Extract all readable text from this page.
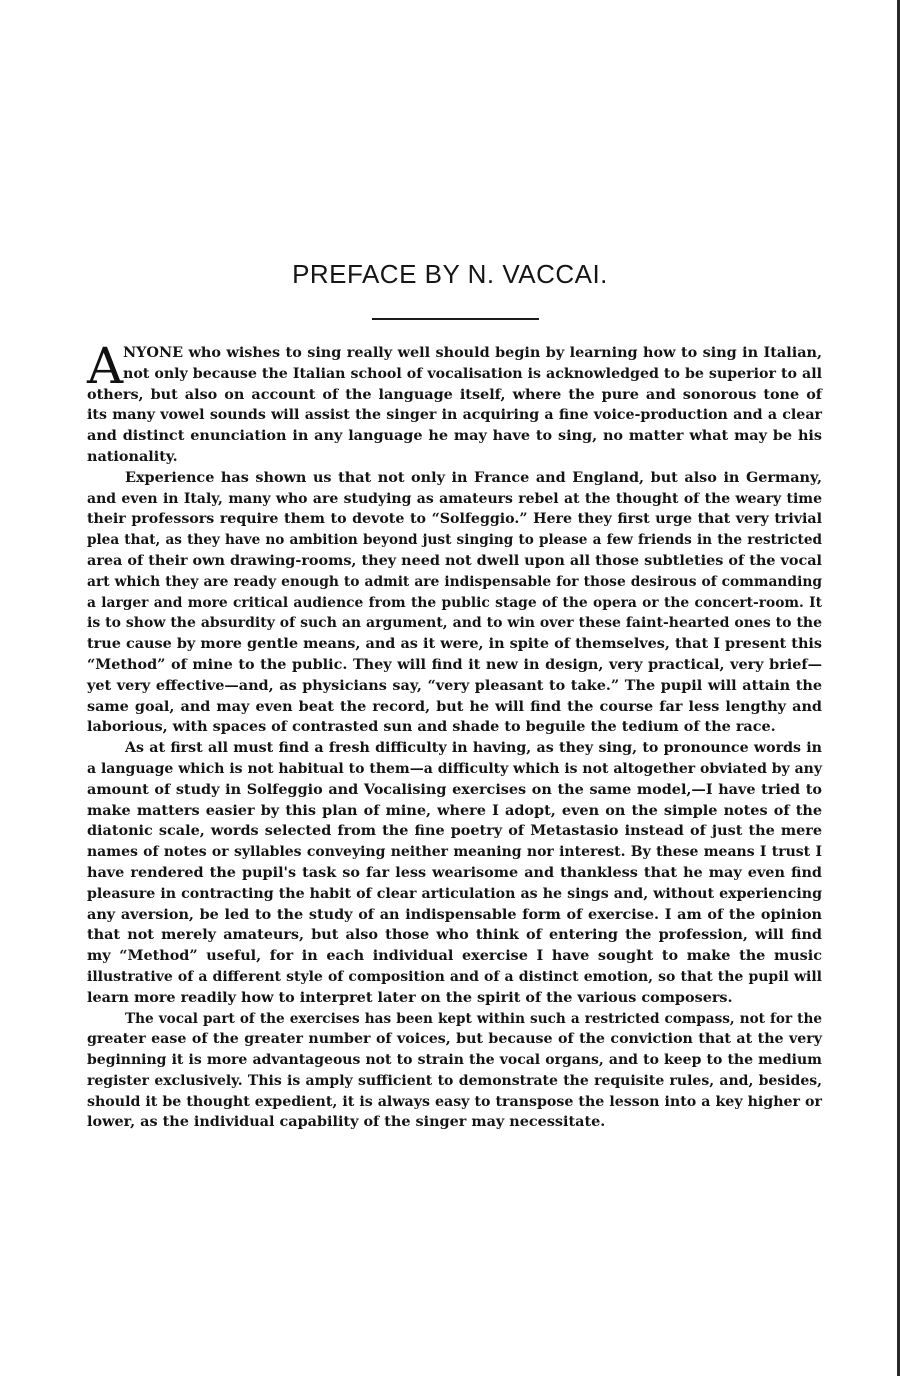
PREFACE BY N. VACCAI.
A NYONE who wishes to sing really well should begin by learning how to sing in Italian,
not only because the Italian school of vocalisation is acknowledged to be superior to all
others, but also on account of the language itself, where the pure and sonorous tone of
its many vowel sounds will assist the singer in acquiring a fine voice-production and a clear
and distinct enunciation in any language he may have to sing, no matter what may be his
nationality.
Experience has shown us that not only in France and England, but also in Germany,
and even in Italy, many who are studying as amateurs rebel at the thought of the weary time
their professors require them to devote to “Solfeggio.” Here they first urge that very trivial
plea that, as they have no ambition beyond just singing to please a few friends in the restricted
area of their own drawing-rooms, they need not dwell upon all those subtleties of the vocal
art which they are ready enough to admit are indispensable for those desirous of commanding
a larger and more critical audience from the public stage of the opera or the concert-room. It
is to show the absurdity of such an argument, and to win over these faint-hearted ones to the
true cause by more gentle means, and as it were, in spite of themselves, that I present this
“Method” of mine to the public. They will find it new in design, very practical, very brief—
yet very effective—and, as physicians say, “very pleasant to take.” The pupil will attain the
same goal, and may even beat the record, but he will find the course far less lengthy and
laborious, with spaces of contrasted sun and shade to beguile the tedium of the race.
As at first all must find a fresh difficulty in having, as they sing, to pronounce words in
a language which is not habitual to them—a difficulty which is not altogether obviated by any
amount of study in Solfeggio and Vocalising exercises on the same model,—I have tried to
make matters easier by this plan of mine, where I adopt, even on the simple notes of the
diatonic scale, words selected from the fine poetry of Metastasio instead of just the mere
names of notes or syllables conveying neither meaning nor interest. By these means I trust I
have rendered the pupil's task so far less wearisome and thankless that he may even find
pleasure in contracting the habit of clear articulation as he sings and, without experiencing
any aversion, be led to the study of an indispensable form of exercise. I am of the opinion
that not merely amateurs, but also those who think of entering the profession, will find
my “Method” useful, for in each individual exercise I have sought to make the music
illustrative of a different style of composition and of a distinct emotion, so that the pupil will
learn more readily how to interpret later on the spirit of the various composers.
The vocal part of the exercises has been kept within such a restricted compass, not for the
greater ease of the greater number of voices, but because of the conviction that at the very
beginning it is more advantageous not to strain the vocal organs, and to keep to the medium
register exclusively. This is amply sufficient to demonstrate the requisite rules, and, besides,
should it be thought expedient, it is always easy to transpose the lesson into a key higher or
lower, as the individual capability of the singer may necessitate.
